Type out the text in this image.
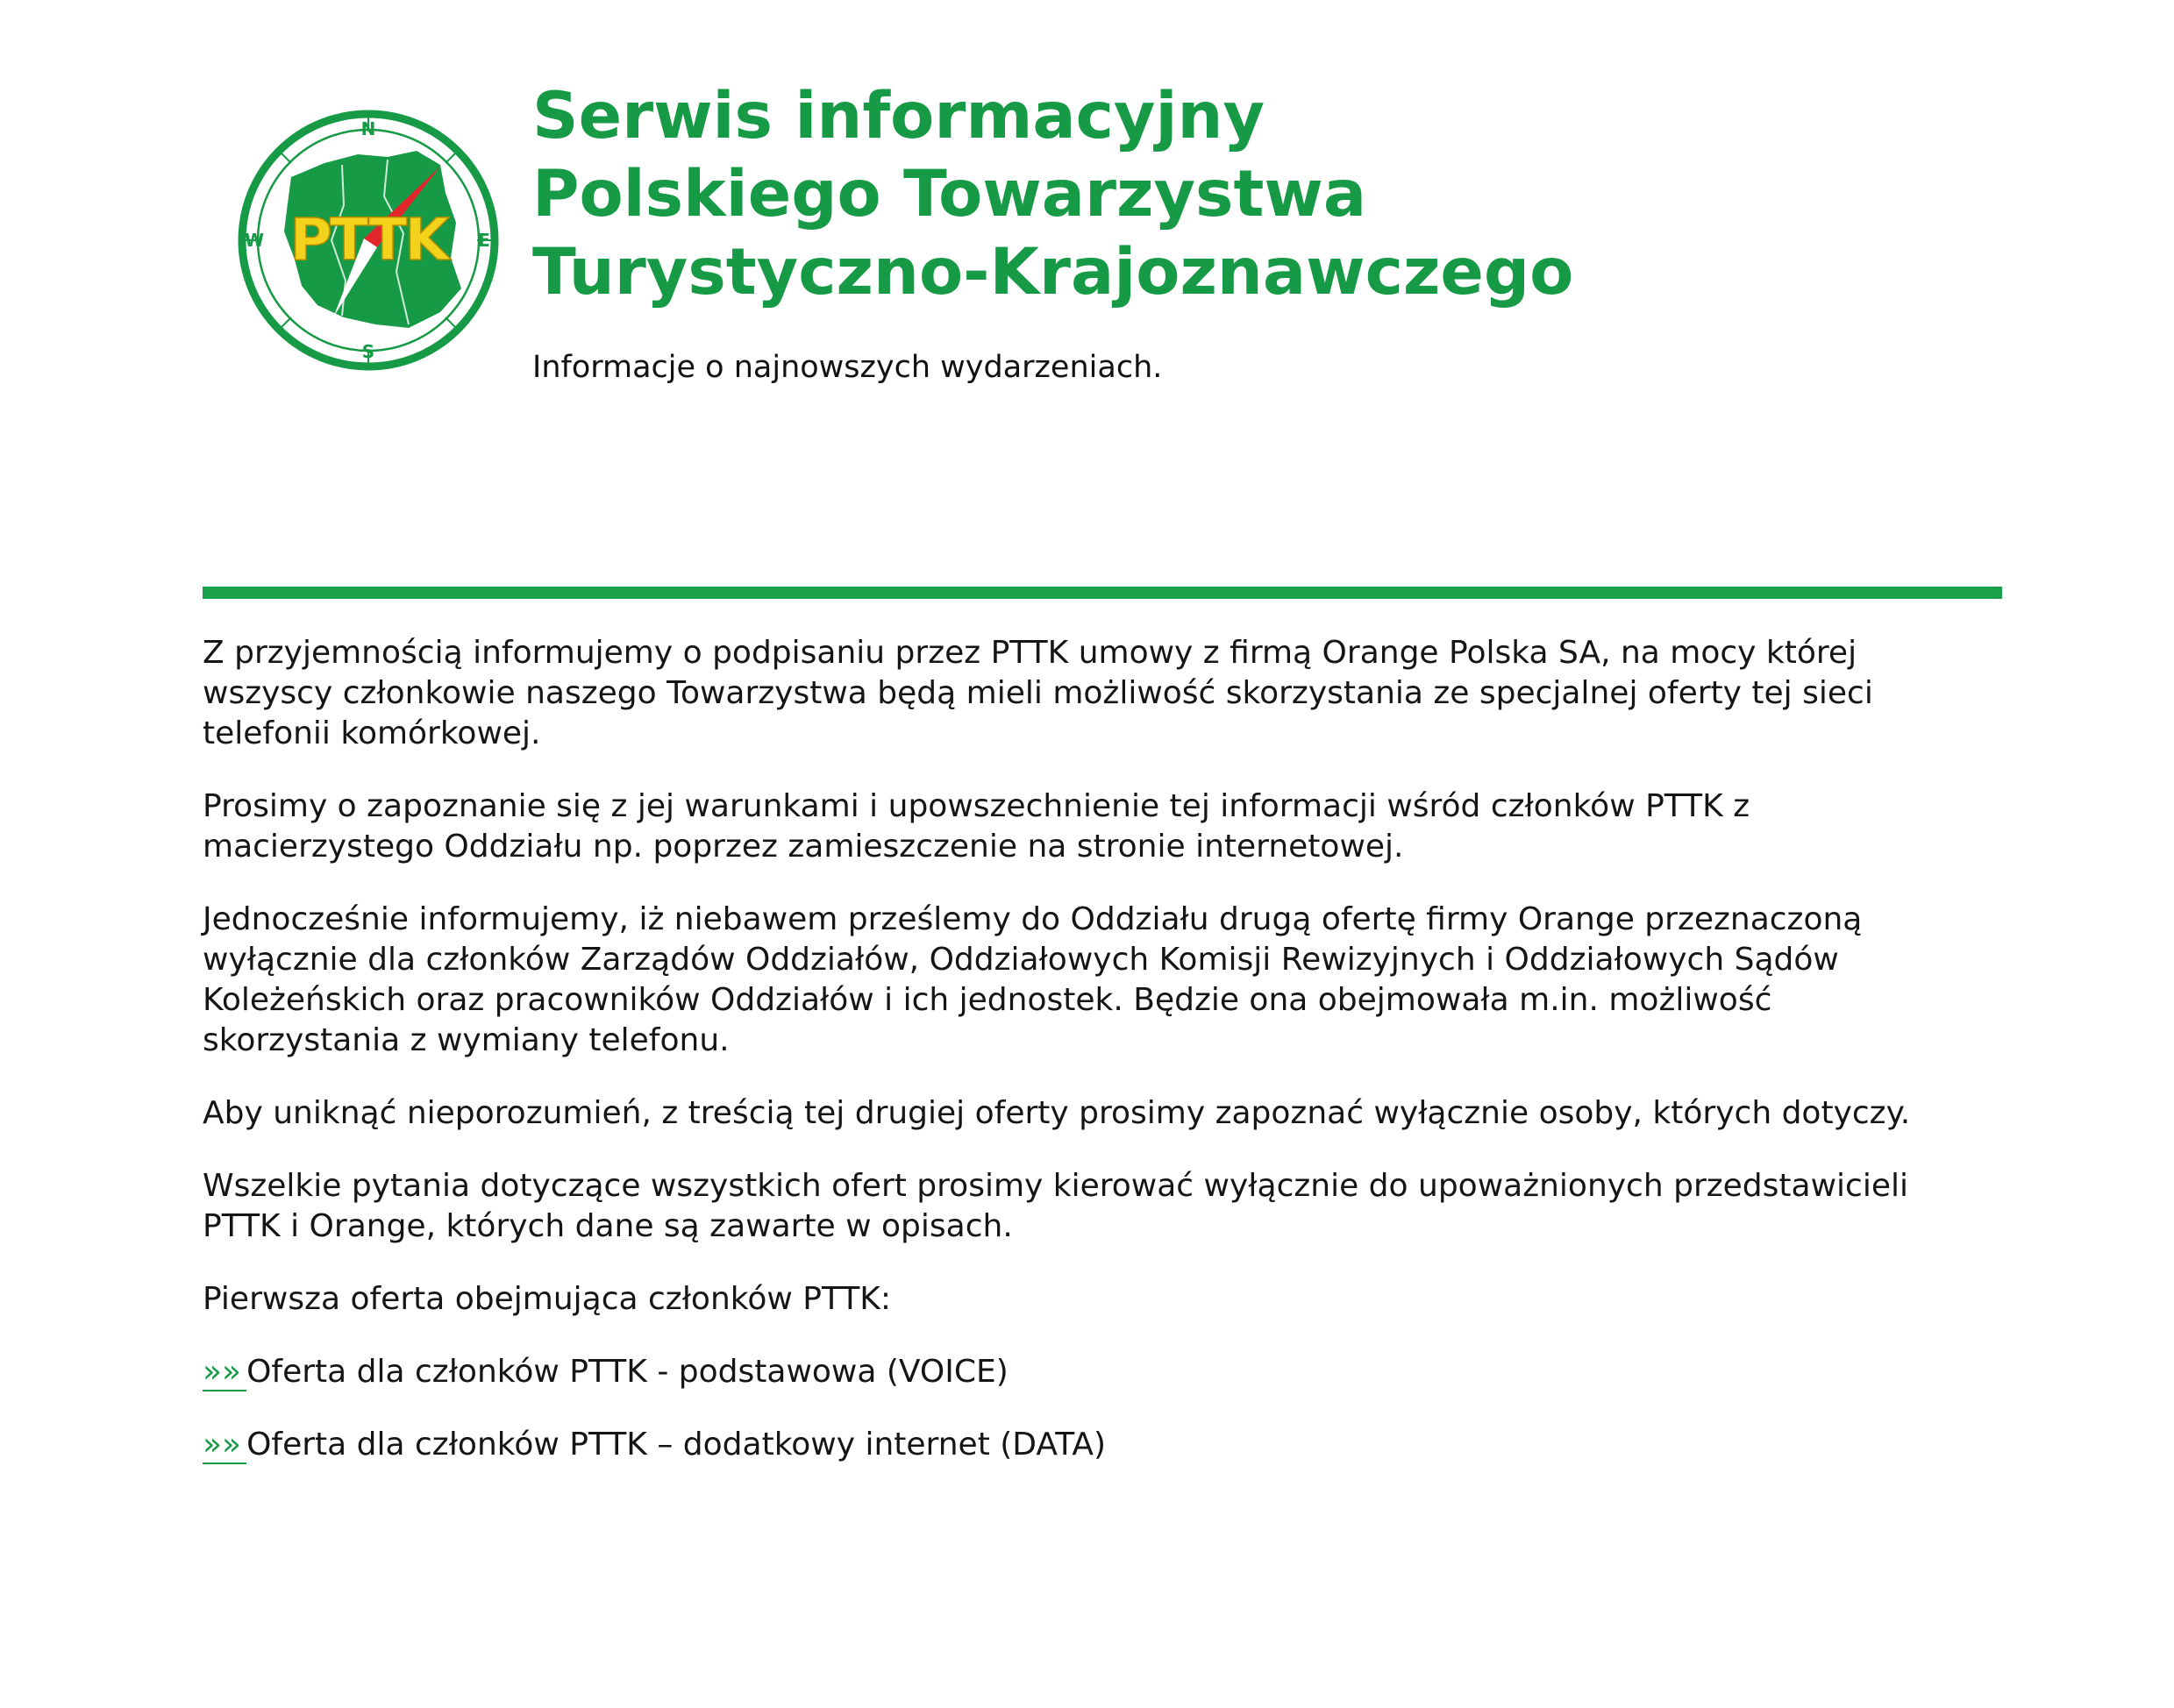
N
S
W	E
PTTK
Serwis informacyjny
Polskiego Towarzystwa
Turystyczno-Krajoznawczego

Informacje o najnowszych wydarzeniach.

Z przyjemnością informujemy o podpisaniu przez PTTK umowy z firmą Orange Polska SA, na mocy której
wszyscy członkowie naszego Towarzystwa będą mieli możliwość skorzystania ze specjalnej oferty tej sieci
telefonii komórkowej.

Prosimy o zapoznanie się z jej warunkami i upowszechnienie tej informacji wśród członków PTTK z
macierzystego Oddziału np. poprzez zamieszczenie na stronie internetowej.

Jednocześnie informujemy, iż niebawem prześlemy do Oddziału drugą ofertę firmy Orange przeznaczoną
wyłącznie dla członków Zarządów Oddziałów, Oddziałowych Komisji Rewizyjnych i Oddziałowych Sądów
Koleżeńskich oraz pracowników Oddziałów i ich jednostek. Będzie ona obejmowała m.in. możliwość
skorzystania z wymiany telefonu.

Aby uniknąć nieporozumień, z treścią tej drugiej oferty prosimy zapoznać wyłącznie osoby, których dotyczy.

Wszelkie pytania dotyczące wszystkich ofert prosimy kierować wyłącznie do upoważnionych przedstawicieli
PTTK i Orange, których dane są zawarte w opisach.

Pierwsza oferta obejmująca członków PTTK:

»» Oferta dla członków PTTK - podstawowa (VOICE)
»» Oferta dla członków PTTK – dodatkowy internet (DATA)
